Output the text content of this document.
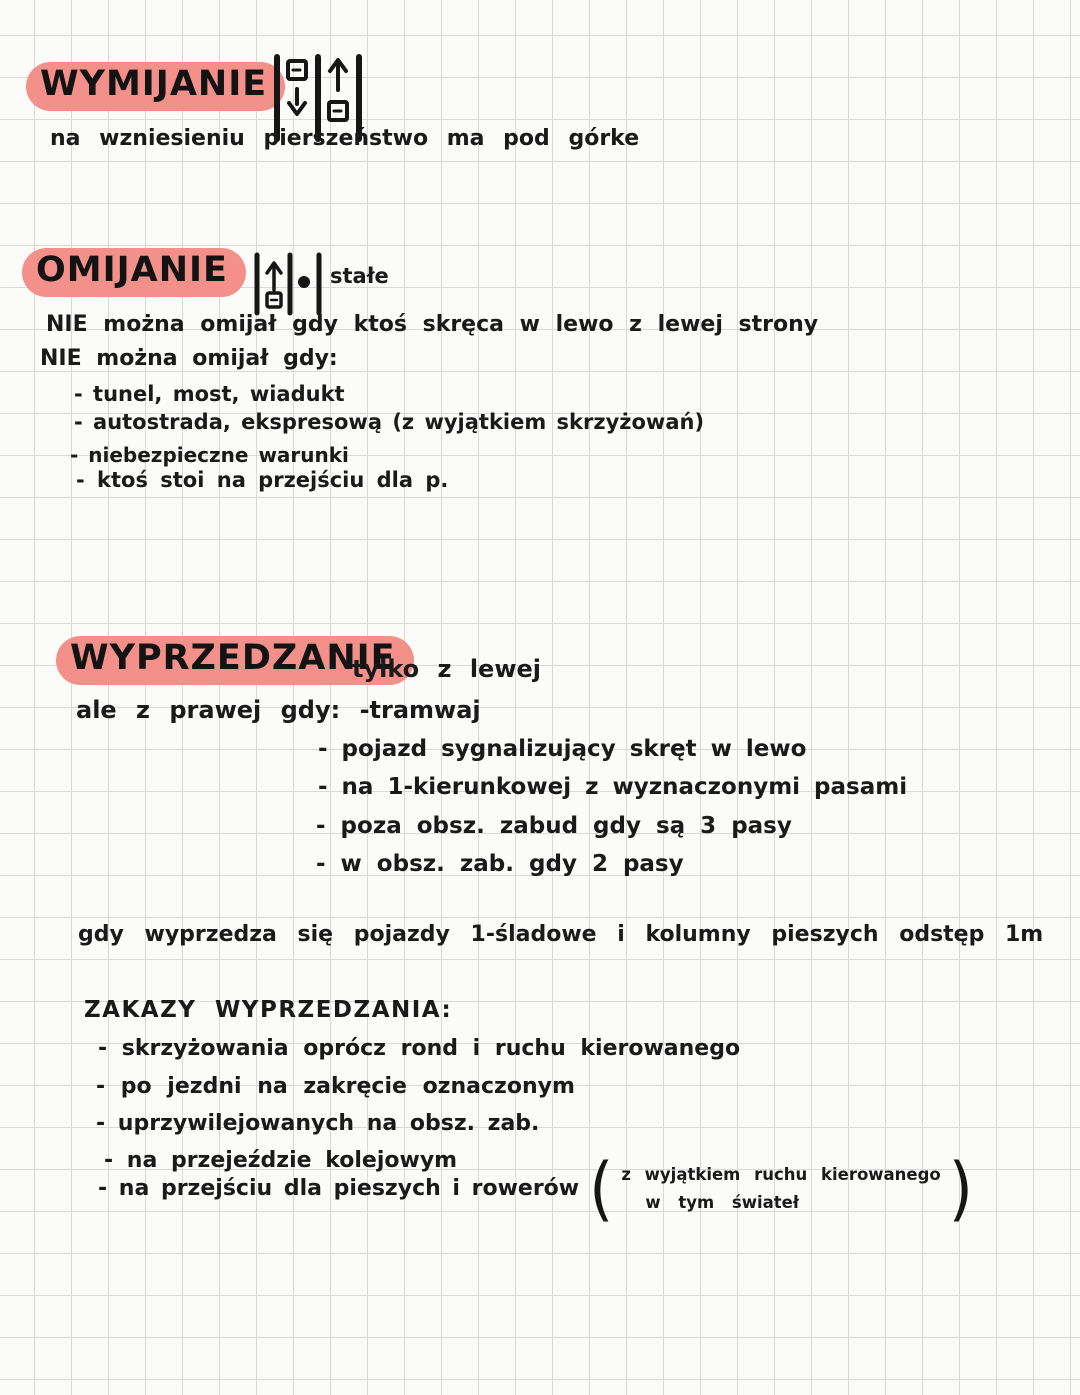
WYMIJANIE
na wzniesieniu pierszeństwo ma pod górke
OMIJANIE	stałe
NIE można omijał gdy ktoś skręca w lewo z lewej strony
NIE można omijał gdy:
- tunel, most, wiadukt
- autostrada, ekspresową (z wyjątkiem skrzyżowań)
- niebezpieczne warunki
- ktoś stoi na przejściu dla p.
WYPRZEDZANIE
tylko z lewej
ale z prawej gdy: -tramwaj
- pojazd sygnalizujący skręt w lewo
- na 1-kierunkowej z wyznaczonymi pasami
- poza obsz. zabud gdy są 3 pasy
- w obsz. zab. gdy 2 pasy
gdy wyprzedza się pojazdy 1-śladowe i kolumny pieszych odstęp 1m
ZAKAZY WYPRZEDZANIA:
- skrzyżowania oprócz rond i ruchu kierowanego
- po jezdni na zakręcie oznaczonym
- uprzywilejowanych na obsz. zab.
- na przejeździe kolejowym
- na przejściu dla pieszych i rowerów ( z wyjątkiem ruchu kierowanego
w tym świateł	)
